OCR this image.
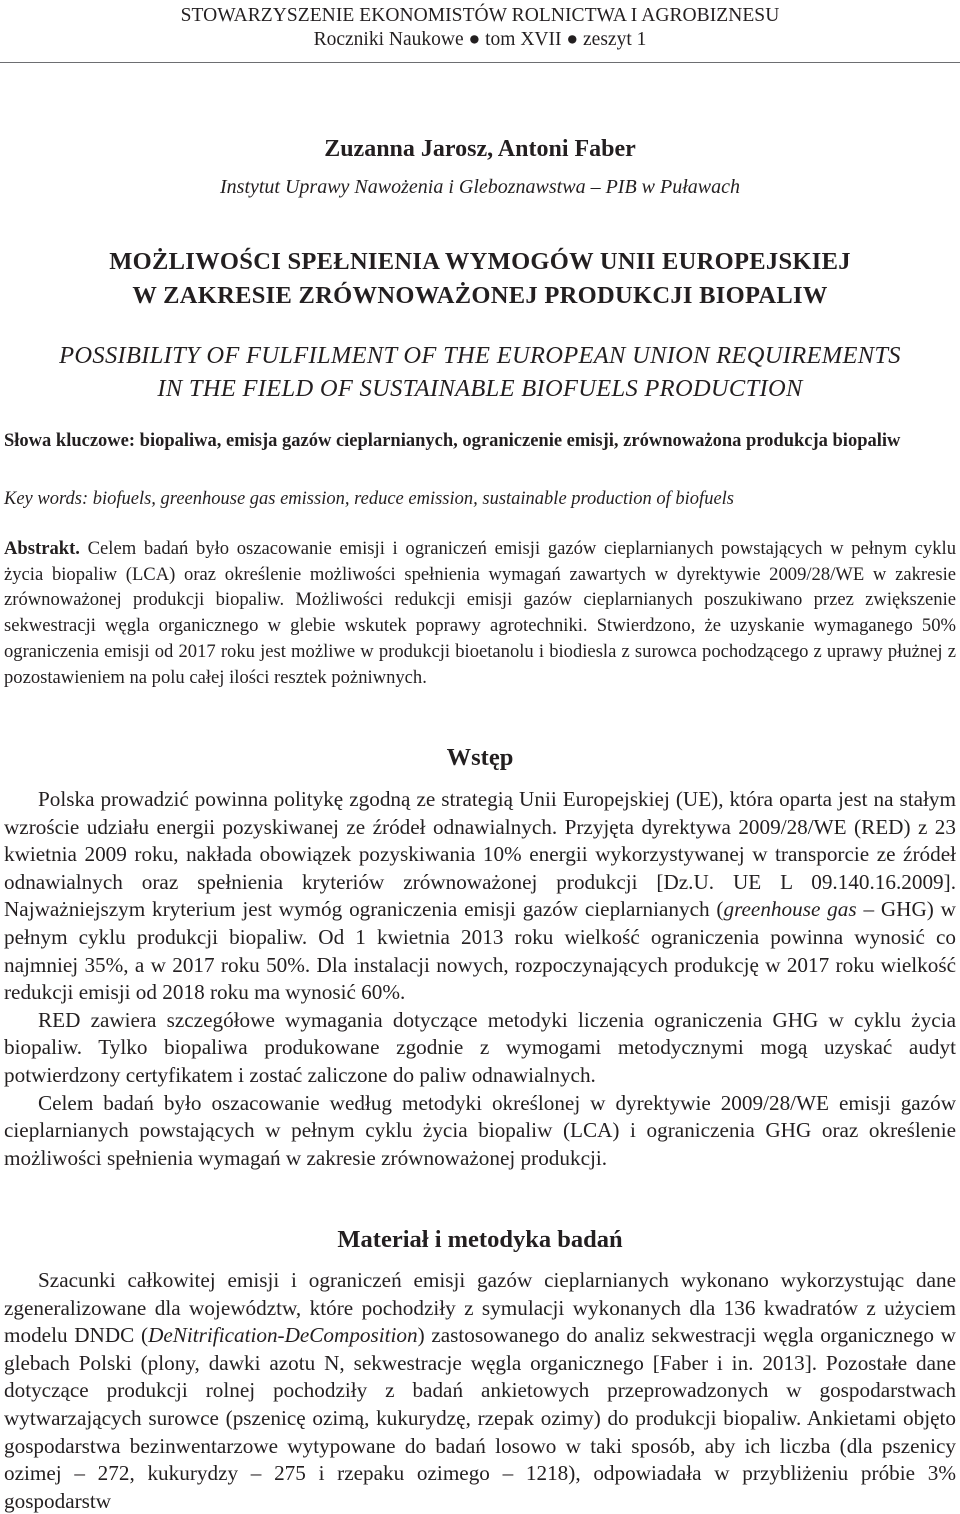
STOWARZYSZENIE EKONOMISTÓW ROLNICTWA I AGROBIZNESU
Roczniki Naukowe ● tom XVII ● zeszyt 1
Zuzanna Jarosz, Antoni Faber
Instytut Uprawy Nawożenia i Gleboznawstwa – PIB w Puławach
MOŻLIWOŚCI SPEŁNIENIA WYMOGÓW UNII EUROPEJSKIEJ
W ZAKRESIE ZRÓWNOWAŻONEJ PRODUKCJI BIOPALIW
POSSIBILITY OF FULFILMENT OF THE EUROPEAN UNION REQUIREMENTS
IN THE FIELD OF SUSTAINABLE BIOFUELS PRODUCTION
Słowa kluczowe: biopaliwa, emisja gazów cieplarnianych, ograniczenie emisji, zrównoważona produkcja biopaliw
Key words: biofuels, greenhouse gas emission, reduce emission, sustainable production of biofuels
Abstrakt. Celem badań było oszacowanie emisji i ograniczeń emisji gazów cieplarnianych powstających w pełnym cyklu życia biopaliw (LCA) oraz określenie możliwości spełnienia wymagań zawartych w dyrektywie 2009/28/WE w zakresie zrównoważonej produkcji biopaliw. Możliwości redukcji emisji gazów cieplarnianych poszukiwano przez zwiększenie sekwestracji węgla organicznego w glebie wskutek poprawy agrotechniki. Stwierdzono, że uzyskanie wymaganego 50% ograniczenia emisji od 2017 roku jest możliwe w produkcji bioetanolu i biodiesla z surowca pochodzącego z uprawy płużnej z pozostawieniem na polu całej ilości resztek pożniwnych.
Wstęp

Polska prowadzić powinna politykę zgodną ze strategią Unii Europejskiej (UE), która oparta jest na stałym wzroście udziału energii pozyskiwanej ze źródeł odnawialnych. Przyjęta dyrektywa 2009/28/WE (RED) z 23 kwietnia 2009 roku, nakłada obowiązek pozyskiwania 10% energii wykorzystywanej w transporcie ze źródeł odnawialnych oraz spełnienia kryteriów zrównoważonej produkcji [Dz.U. UE L 09.140.16.2009]. Najważniejszym kryterium jest wymóg ograniczenia emisji gazów cieplarnianych (greenhouse gas – GHG) w pełnym cyklu produkcji biopaliw. Od 1 kwietnia 2013 roku wielkość ograniczenia powinna wynosić co najmniej 35%, a w 2017 roku 50%. Dla instalacji nowych, rozpoczynających produkcję w 2017 roku wielkość redukcji emisji od 2018 roku ma wynosić 60%.

RED zawiera szczegółowe wymagania dotyczące metodyki liczenia ograniczenia GHG w cyklu życia biopaliw. Tylko biopaliwa produkowane zgodnie z wymogami metodycznymi mogą uzyskać audyt potwierdzony certyfikatem i zostać zaliczone do paliw odnawialnych.

Celem badań było oszacowanie według metodyki określonej w dyrektywie 2009/28/WE emisji gazów cieplarnianych powstających w pełnym cyklu życia biopaliw (LCA) i ograniczenia GHG oraz określenie możliwości spełnienia wymagań w zakresie zrównoważonej produkcji.

Materiał i metodyka badań

Szacunki całkowitej emisji i ograniczeń emisji gazów cieplarnianych wykonano wykorzystując dane zgeneralizowane dla województw, które pochodziły z symulacji wykonanych dla 136 kwadratów z użyciem modelu DNDC (DeNitrification-DeComposition) zastosowanego do analiz sekwestracji węgla organicznego w glebach Polski (plony, dawki azotu N, sekwestracje węgla organicznego [Faber i in. 2013]. Pozostałe dane dotyczące produkcji rolnej pochodziły z badań ankietowych przeprowadzonych w gospodarstwach wytwarzających surowce (pszenicę ozimą, kukurydzę, rzepak ozimy) do produkcji biopaliw. Ankietami objęto gospodarstwa bezinwentarzowe wytypowane do badań losowo w taki sposób, aby ich liczba (dla pszenicy ozimej – 272, kukurydzy – 275 i rzepaku ozimego – 1218), odpowiadała w przybliżeniu próbie 3% gospodarstw
